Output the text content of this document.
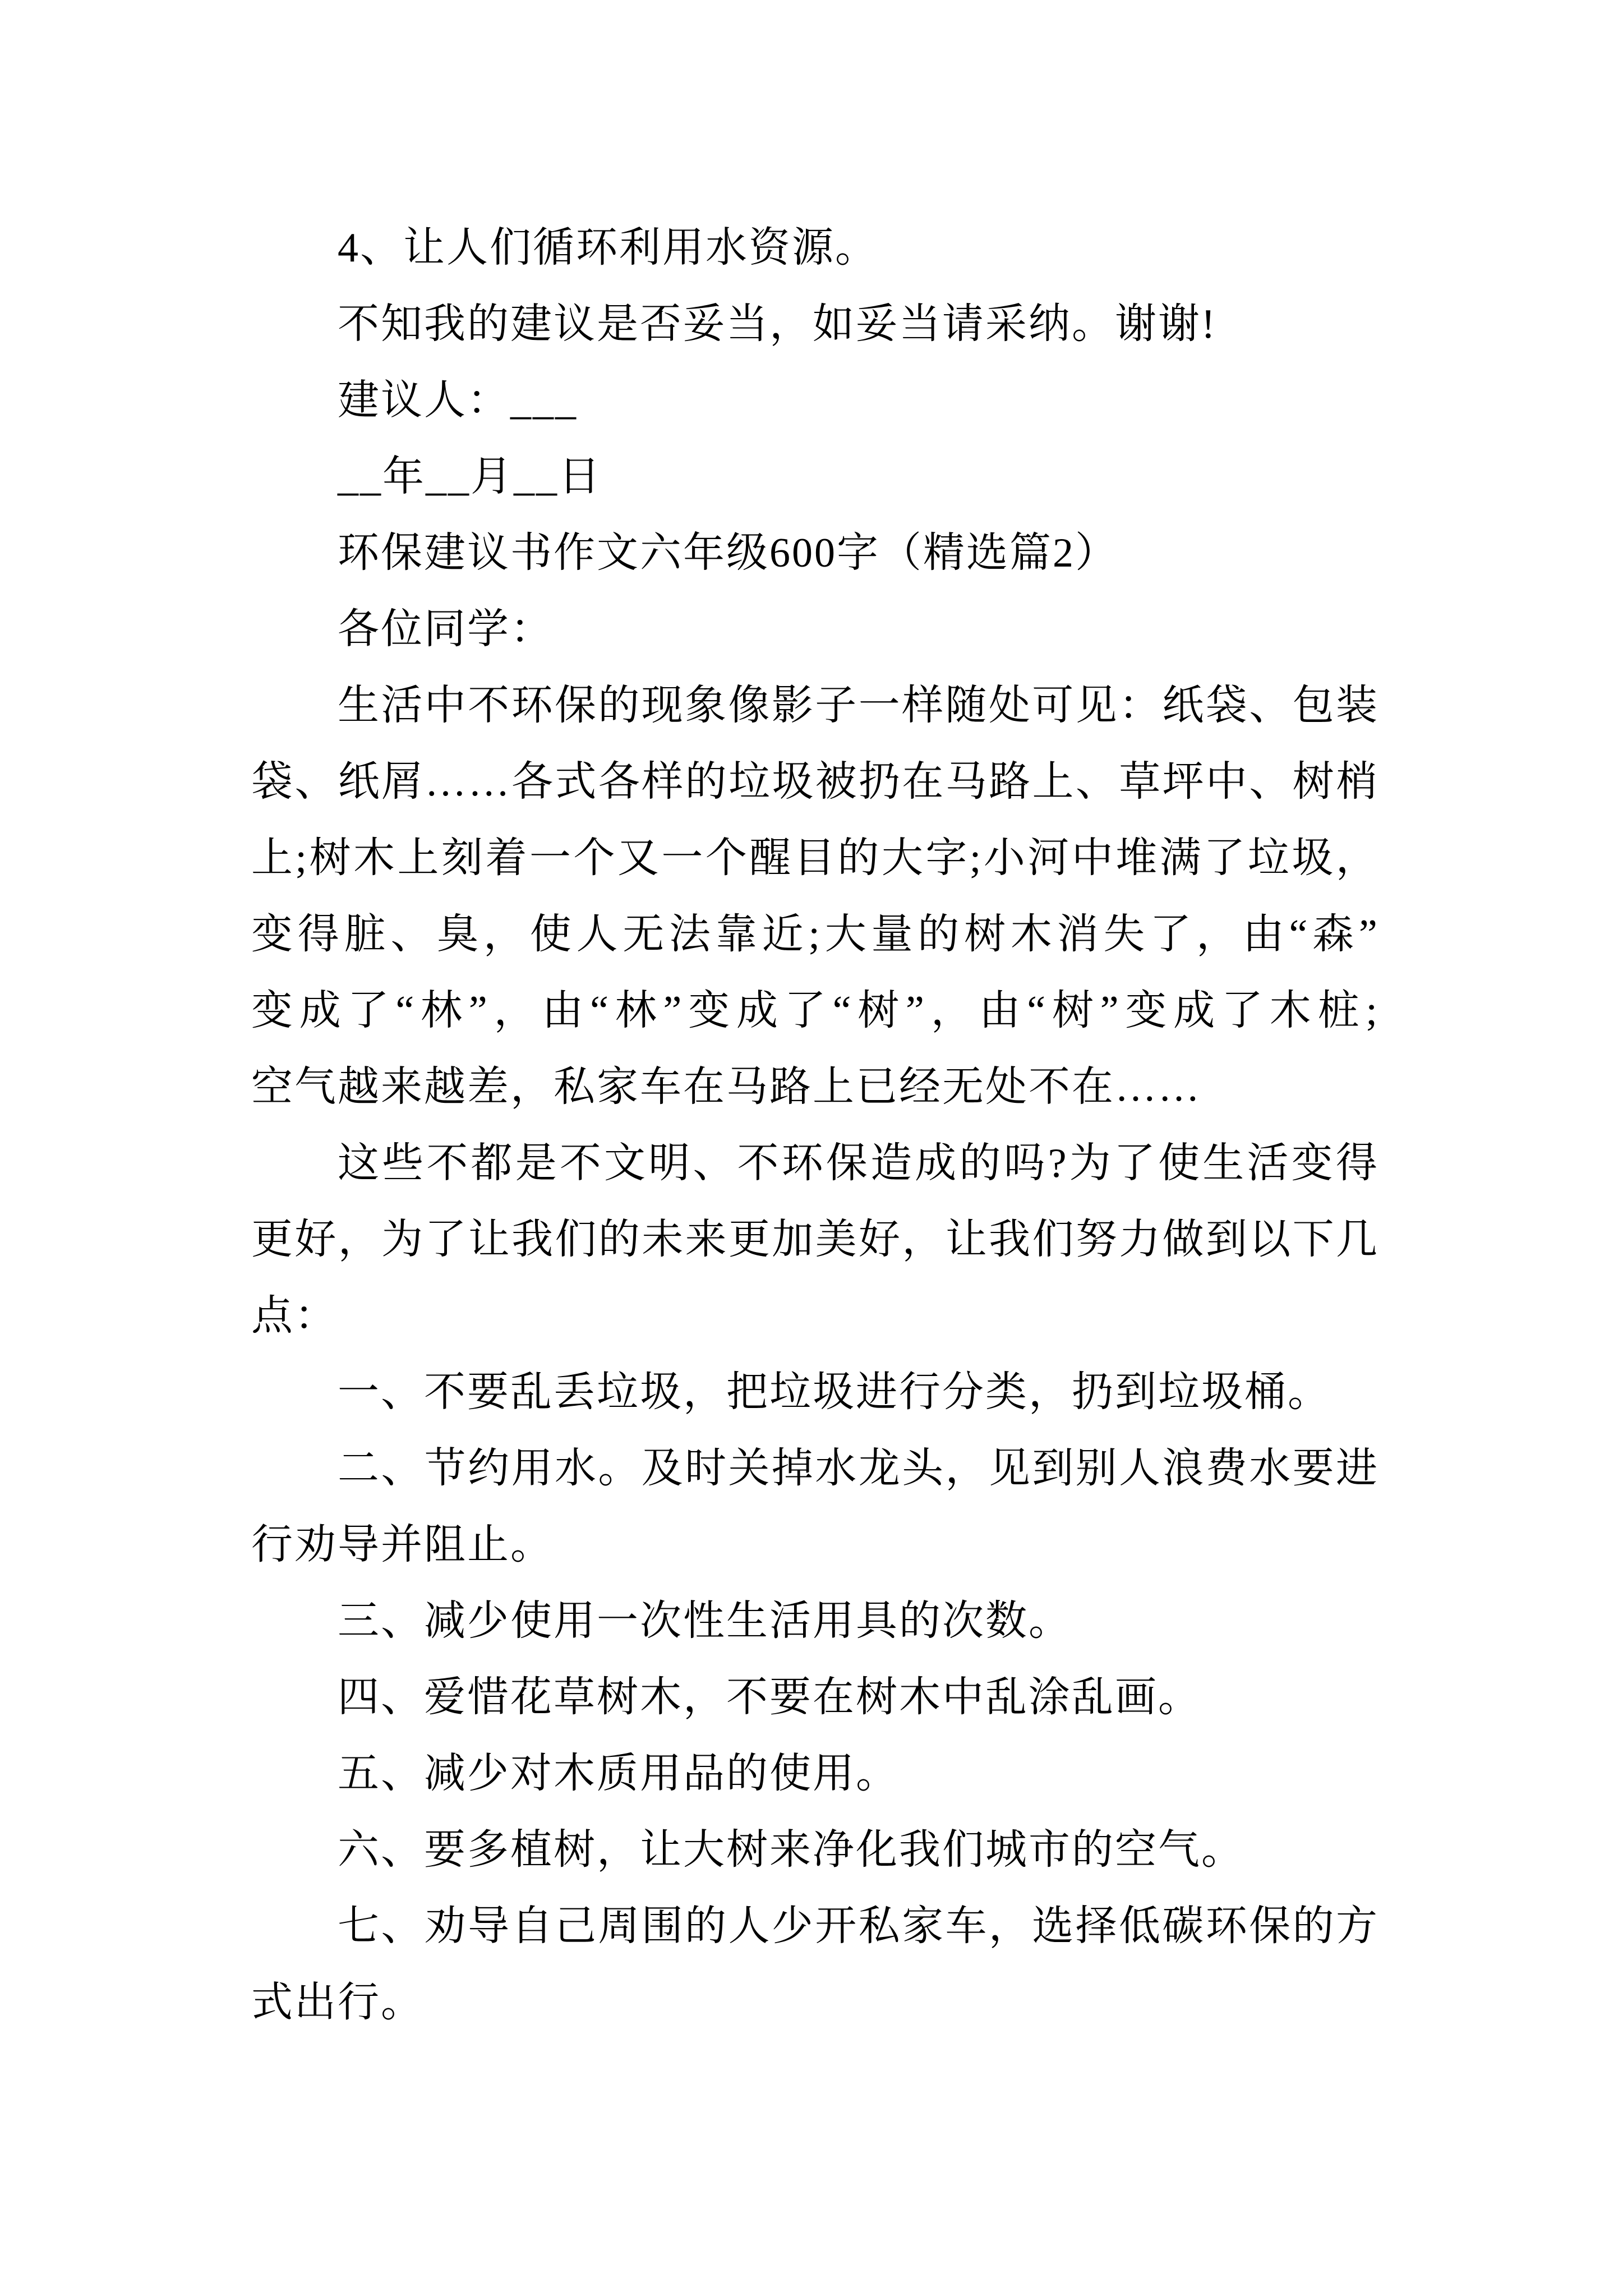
4、让人们循环利用水资源。
不知我的建议是否妥当，如妥当请采纳。谢谢!
建议人：___
__年__月__日
环保建议书作文六年级600字（精选篇2）
各位同学：
生 活 中 不 环 保 的 现 象 像 影 子 一 样 随 处 可 见 ： 纸 袋 、 包 装
袋 、 纸 屑 … … 各 式 各 样 的 垃 圾 被 扔 在 马 路 上 、 草 坪 中 、 树 梢
上 ; 树 木 上 刻 着 一 个 又 一 个 醒 目 的 大 字 ; 小 河 中 堆 满 了 垃 圾 ，
变 得 脏 、 臭 ， 使 人 无 法 靠 近 ; 大 量 的 树 木 消 失 了 ， 由 “ 森 ”
变 成 了 “ 林 ” ， 由 “ 林 ” 变 成 了 “ 树 ” ， 由 “ 树 ” 变 成 了 木 桩 ;
空气越来越差，私家车在马路上已经无处不在……
这 些 不 都 是 不 文 明 、 不 环 保 造 成 的 吗 ? 为 了 使 生 活 变 得
更 好 ， 为 了 让 我 们 的 未 来 更 加 美 好 ， 让 我 们 努 力 做 到 以 下 几
点：
一、不要乱丢垃圾，把垃圾进行分类，扔到垃圾桶。
二 、 节 约 用 水 。 及 时 关 掉 水 龙 头 ， 见 到 别 人 浪 费 水 要 进
行劝导并阻止。
三、减少使用一次性生活用具的次数。
四、爱惜花草树木，不要在树木中乱涂乱画。
五、减少对木质用品的使用。
六、要多植树，让大树来净化我们城市的空气。
七 、 劝 导 自 己 周 围 的 人 少 开 私 家 车 ， 选 择 低 碳 环 保 的 方
式出行。
